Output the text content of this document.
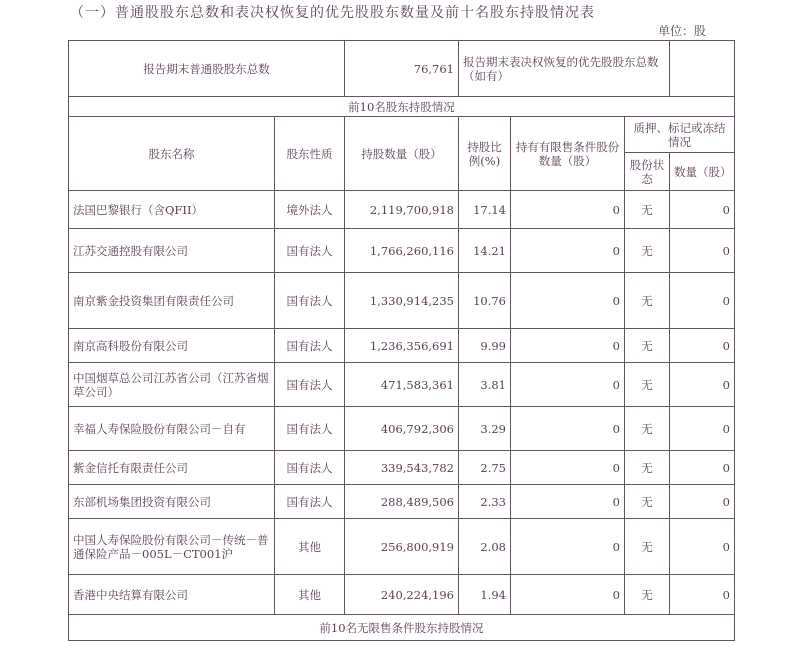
（一）普通股股东总数和表决权恢复的优先股股东数量及前十名股东持股情况表
单位：股
报告期末普通股股东总数		76,761	报告期末表决权恢复的优先股股东总数（如有）			
前10名股东持股情况						
股东名称	股东性质	持股数量（股）	持股比例(%)	持有有限售条件股份数量（股）	质押、标记或冻结情况	
					股份状态	数量（股）
法国巴黎银行（含QFII）	境外法人	2,119,700,918	17.14	0	无	0
江苏交通控股有限公司	国有法人	1,766,260,116	14.21	0	无	0
南京紫金投资集团有限责任公司	国有法人	1,330,914,235	10.76	0	无	0
南京高科股份有限公司	国有法人	1,236,356,691	9.99	0	无	0
中国烟草总公司江苏省公司（江苏省烟草公司）	国有法人	471,583,361	3.81	0	无	0
幸福人寿保险股份有限公司－自有	国有法人	406,792,306	3.29	0	无	0
紫金信托有限责任公司	国有法人	339,543,782	2.75	0	无	0
东部机场集团投资有限公司	国有法人	288,489,506	2.33	0	无	0
中国人寿保险股份有限公司－传统－普通保险产品－005L－CT001沪	其他	256,800,919	2.08	0	无	0
香港中央结算有限公司	其他	240,224,196	1.94	0	无	0
前10名无限售条件股东持股情况						
